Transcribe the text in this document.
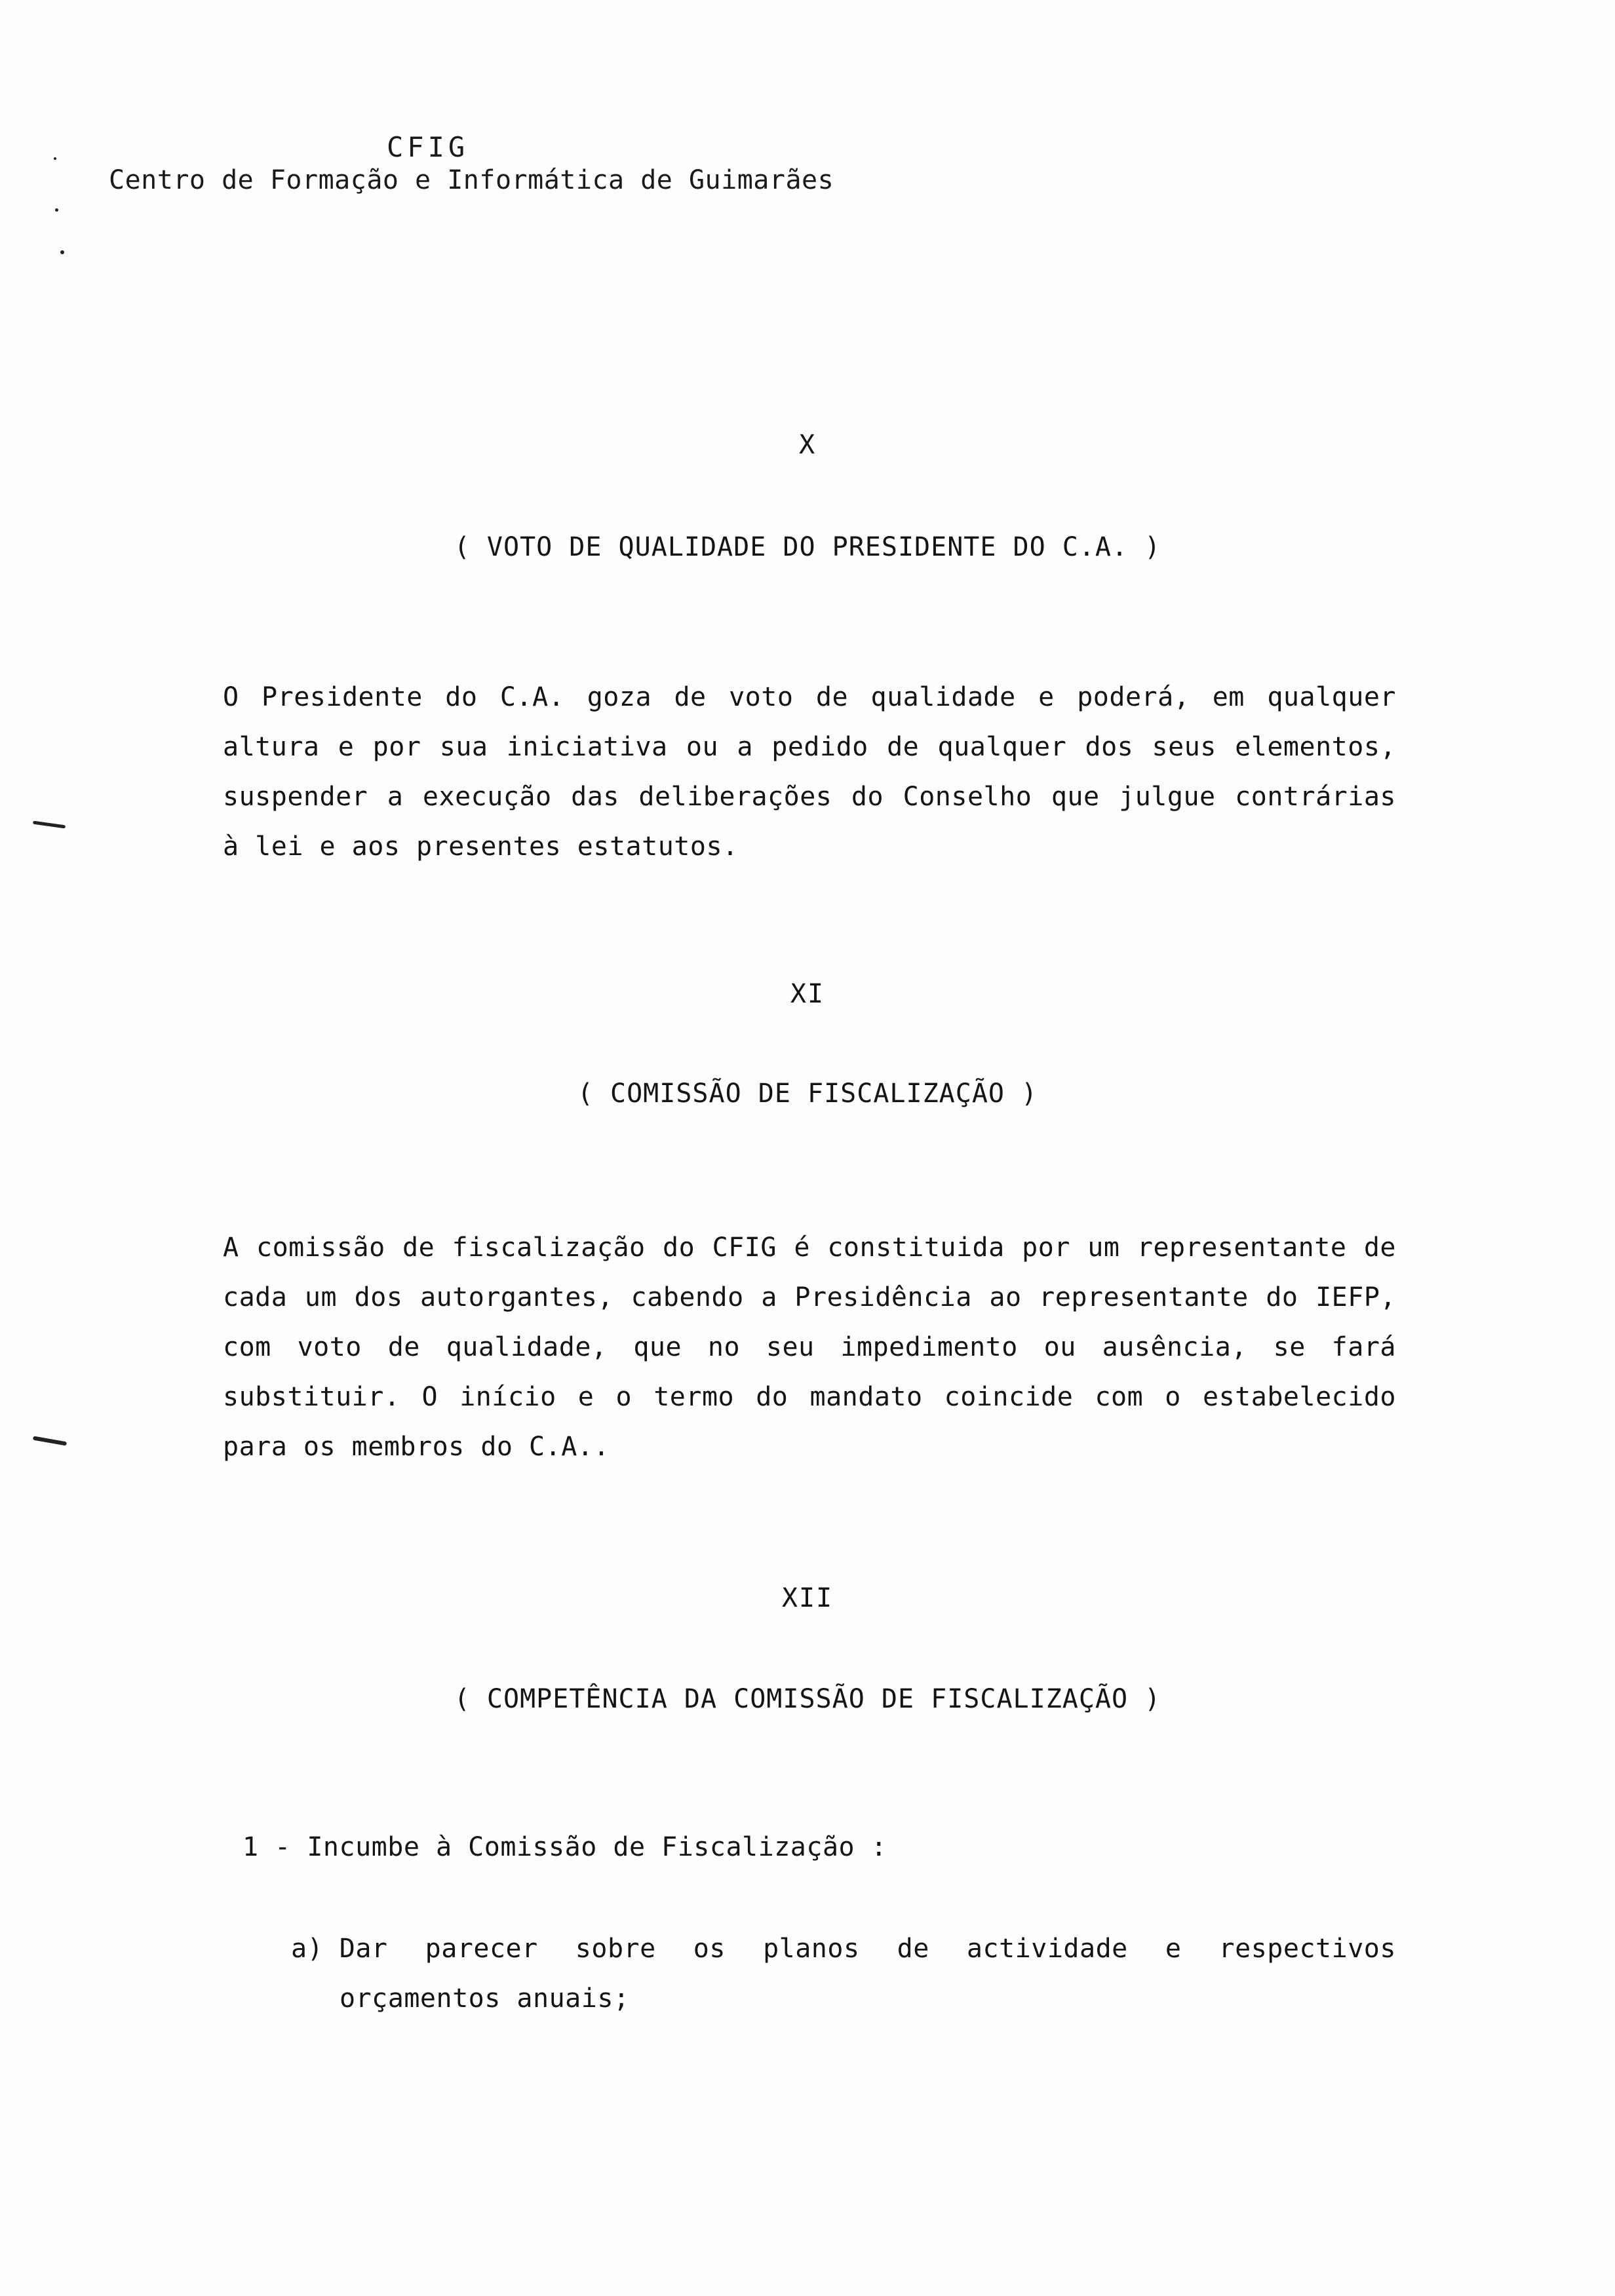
CFIG
Centro de Formação e Informática de Guimarães
X
( VOTO DE QUALIDADE DO PRESIDENTE DO C.A. )

O Presidente do C.A. goza de voto de qualidade e poderá, em qualquer altura e por sua iniciativa ou a pedido de qualquer dos seus elementos, suspender a execução das deliberações do Conselho que julgue contrárias à lei e aos presentes estatutos.

XI
( COMISSÃO DE FISCALIZAÇÃO )

A comissão de fiscalização do CFIG é constituida por um representante de cada um dos autorgantes, cabendo a Presidência ao representante do IEFP, com voto de qualidade, que no seu impedimento ou ausência, se fará substituir. O início e o termo do mandato coincide com o estabelecido para os membros do C.A..

XII
( COMPETÊNCIA DA COMISSÃO DE FISCALIZAÇÃO )
1 - Incumbe à Comissão de Fiscalização :
a) Dar parecer sobre os planos de actividade e respectivos
orçamentos anuais;
